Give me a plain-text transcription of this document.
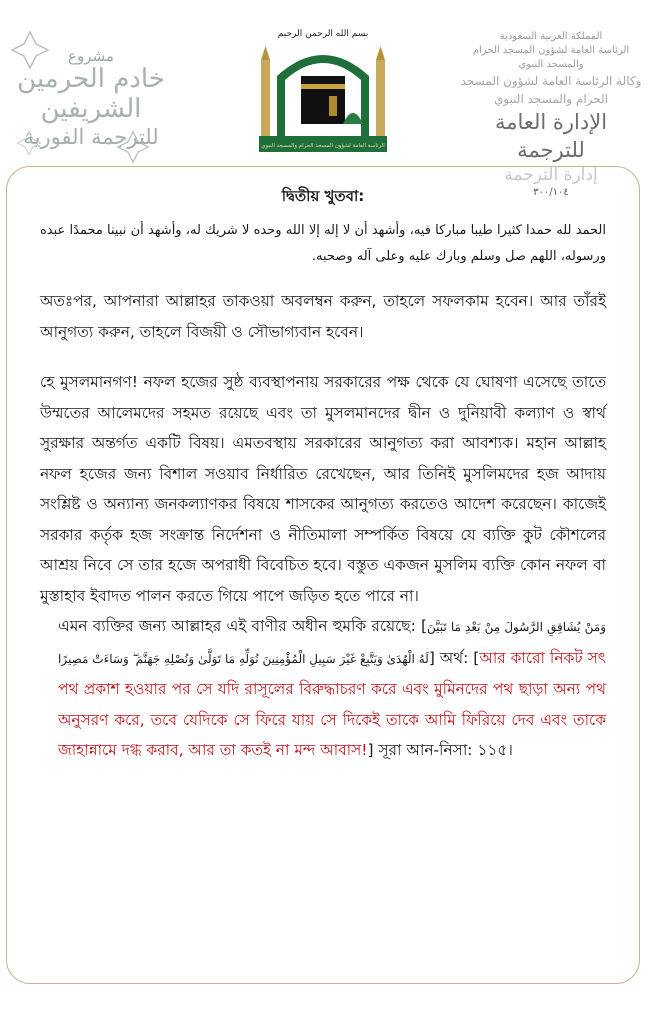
مشروع
خادم الحرمين الشريفين
للترجمة الفورية
بسم الله الرحمن الرحيم
الرئاسة العامة لشؤون المسجد الحرام والمسجد النبوي
المملكة العربية السعودية
الرئاسة العامة لشؤون المسجد الحرام والمسجد النبوي
وكالة الرئاسة العامة لشؤون المسجد الحرام والمسجد النبوي
الإدارة العامة للترجمة
إدارة الترجمة
٣٠٠/١٠٤

দ্বিতীয় খুতবা:

الحمد لله حمدا كثيرا طيبا مباركا فيه، وأشهد أن لا إله إلا الله وحده لا شريك له، وأشهد أن نبينا محمدًا عبده ورسوله، اللهم صل وسلم وبارك عليه وعلى آله وصحبه.

অতঃপর, আপনারা আল্লাহর তাকওয়া অবলম্বন করুন, তাহলে সফলকাম হবেন। আর তাঁরই আনুগত্য করুন, তাহলে বিজয়ী ও সৌভাগ্যবান হবেন।

হে মুসলমানগণ! নফল হজের সুষ্ঠ ব্যবস্থাপনায় সরকারের পক্ষ থেকে যে ঘোষণা এসেছে তাতে উম্মতের আলেমদের সহমত রয়েছে এবং তা মুসলমানদের দ্বীন ও দুনিয়াবী কল্যাণ ও স্বার্থ সুরক্ষার অন্তর্গত একটি বিষয়। এমতবস্থায় সরকারের আনুগত্য করা আবশ্যক। মহান আল্লাহ নফল হজের জন্য বিশাল সওয়াব নির্ধারিত রেখেছেন, আর তিনিই মুসলিমদের হজ আদায় সংশ্লিষ্ট ও অন্যান্য জনকল্যাণকর বিষয়ে শাসকের আনুগত্য করতেও আদেশ করেছেন। কাজেই সরকার কর্তৃক হজ সংক্রান্ত নির্দেশনা ও নীতিমালা সম্পর্কিত বিষয়ে যে ব্যক্তি কুট কৌশলের আশ্রয় নিবে সে তার হজে অপরাধী বিবেচিত হবে। বস্তুত একজন মুসলিম ব্যক্তি কোন নফল বা মুস্তাহাব ইবাদত পালন করতে গিয়ে পাপে জড়িত হতে পারে না।

এমন ব্যক্তির জন্য আল্লাহর এই বাণীর অধীন হুমকি রয়েছে: [وَمَنْ يُشَاقِقِ الرَّسُولَ مِنْ بَعْدِ مَا تَبَيَّنَ لَهُ الْهُدَىٰ وَيَتَّبِعْ غَيْرَ سَبِيلِ الْمُؤْمِنِينَ نُوَلِّهِ مَا تَوَلَّىٰ وَنُصْلِهِ جَهَنَّمَ ۖ وَسَاءَتْ مَصِيرًا] অর্থ: [আর কারো নিকট সৎ পথ প্রকাশ হওয়ার পর সে যদি রাসূলের বিরুদ্ধাচরণ করে এবং মুমিনদের পথ ছাড়া অন্য পথ অনুসরণ করে, তবে যেদিকে সে ফিরে যায় সে দিকেই তাকে আমি ফিরিয়ে দেব এবং তাকে জাহান্নামে দগ্ধ করাব, আর তা কতই না মন্দ আবাস!] সূরা আন-নিসা: ১১৫।
